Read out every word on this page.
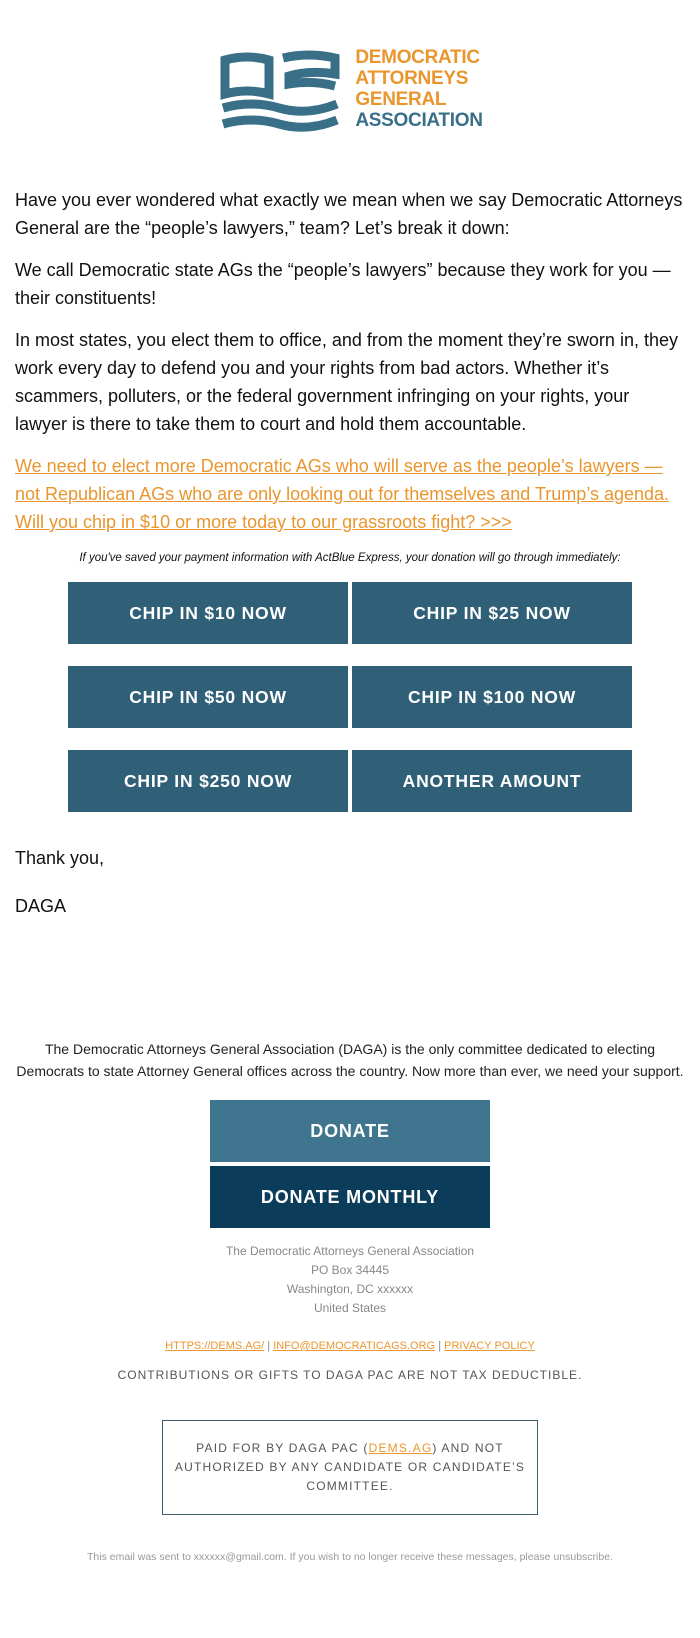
DEMOCRATIC
ATTORNEYS
GENERAL
ASSOCIATION

Have you ever wondered what exactly we mean when we say Democratic Attorneys General are the “people’s lawyers,” team? Let’s break it down:

We call Democratic state AGs the “people’s lawyers” because they work for you — their constituents!

In most states, you elect them to office, and from the moment they’re sworn in, they work every day to defend you and your rights from bad actors. Whether it’s scammers, polluters, or the federal government infringing on your rights, your lawyer is there to take them to court and hold them accountable.

We need to elect more Democratic AGs who will serve as the people’s lawyers — not Republican AGs who are only looking out for themselves and Trump’s agenda. Will you chip in $10 or more today to our grassroots fight? >>>

If you've saved your payment information with ActBlue Express, your donation will go through immediately:
CHIP IN $10 NOW	CHIP IN $25 NOW
CHIP IN $50 NOW	CHIP IN $100 NOW
CHIP IN $250 NOW	ANOTHER AMOUNT

Thank you,

DAGA

The Democratic Attorneys General Association (DAGA) is the only committee dedicated to electing Democrats to state Attorney General offices across the country. Now more than ever, we need your support.
DONATE
DONATE MONTHLY
The Democratic Attorneys General Association
PO Box 34445
Washington, DC xxxxxx
United States
HTTPS://DEMS.AG/ | INFO@DEMOCRATICAGS.ORG | PRIVACY POLICY
CONTRIBUTIONS OR GIFTS TO DAGA PAC ARE NOT TAX DEDUCTIBLE.
PAID FOR BY DAGA PAC (DEMS.AG) AND NOT AUTHORIZED BY ANY CANDIDATE OR CANDIDATE’S COMMITTEE.
This email was sent to xxxxxx@gmail.com. If you wish to no longer receive these messages, please unsubscribe.
